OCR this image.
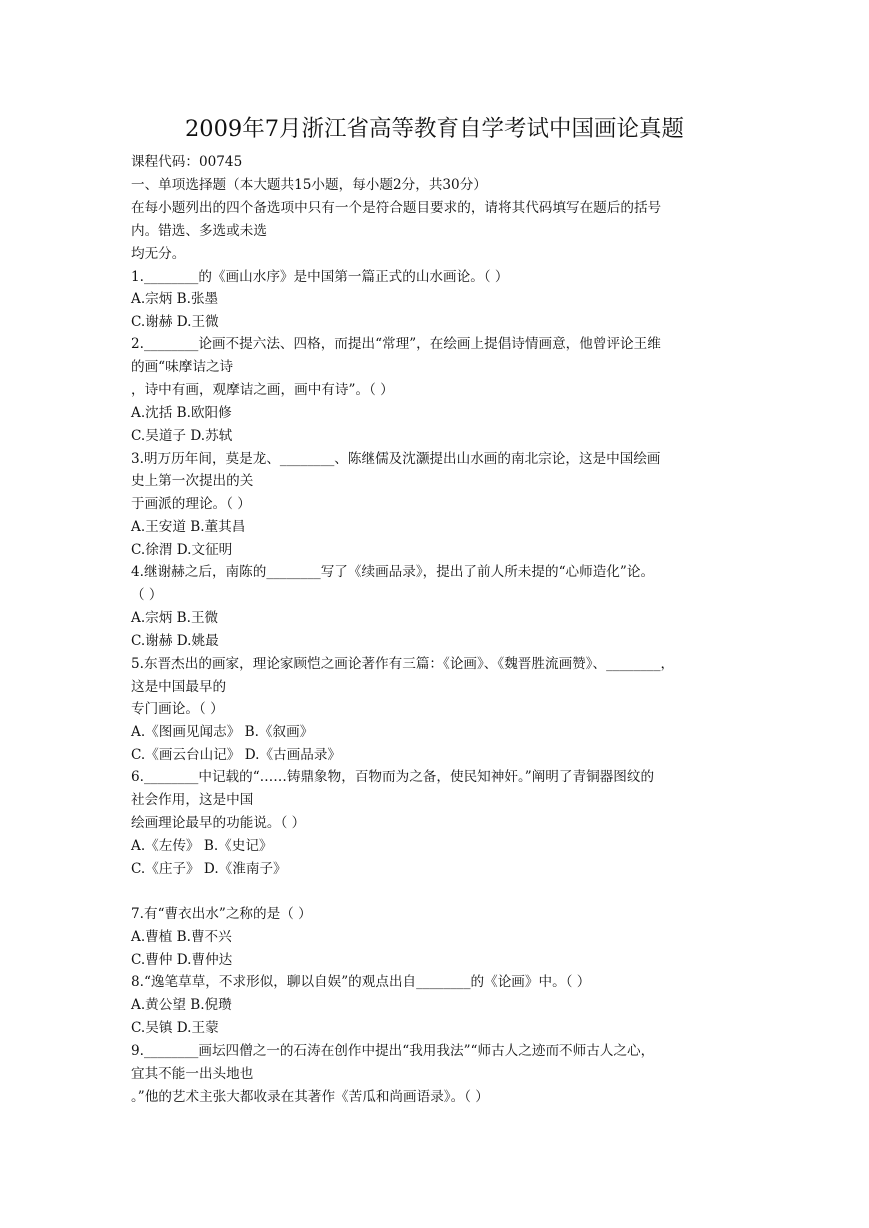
2009年7月浙江省高等教育自学考试中国画论真题
课程代码：00745
一、单项选择题（本大题共15小题，每小题2分，共30分）
在每小题列出的四个备选项中只有一个是符合题目要求的，请将其代码填写在题后的括号
内。错选、多选或未选
均无分。
1.________的《画山水序》是中国第一篇正式的山水画论。（ ）
A.宗炳 B.张墨
C.谢赫 D.王微
2.________论画不提六法、四格，而提出“常理”，在绘画上提倡诗情画意，他曾评论王维
的画“味摩诘之诗
，诗中有画，观摩诘之画，画中有诗”。（ ）
A.沈括 B.欧阳修
C.吴道子 D.苏轼
3.明万历年间，莫是龙、________、陈继儒及沈灏提出山水画的南北宗论，这是中国绘画
史上第一次提出的关
于画派的理论。（ ）
A.王安道 B.董其昌
C.徐渭 D.文征明
4.继谢赫之后，南陈的________写了《续画品录》，提出了前人所未提的“心师造化”论。
（ ）
A.宗炳 B.王微
C.谢赫 D.姚最
5.东晋杰出的画家，理论家顾恺之画论著作有三篇：《论画》、《魏晋胜流画赞》、________，
这是中国最早的
专门画论。（ ）
A.《图画见闻志》 B.《叙画》
C.《画云台山记》 D.《古画品录》
6.________中记载的“……铸鼎象物，百物而为之备，使民知神奸。”阐明了青铜器图纹的
社会作用，这是中国
绘画理论最早的功能说。（ ）
A.《左传》 B.《史记》
C.《庄子》 D.《淮南子》
7.有“曹衣出水”之称的是（ ）
A.曹植 B.曹不兴
C.曹仲 D.曹仲达
8.“逸笔草草，不求形似，聊以自娱”的观点出自________的《论画》中。（ ）
A.黄公望 B.倪瓒
C.吴镇 D.王蒙
9.________画坛四僧之一的石涛在创作中提出“我用我法”“师古人之迹而不师古人之心，
宜其不能一出头地也
。”他的艺术主张大都收录在其著作《苦瓜和尚画语录》。（ ）
